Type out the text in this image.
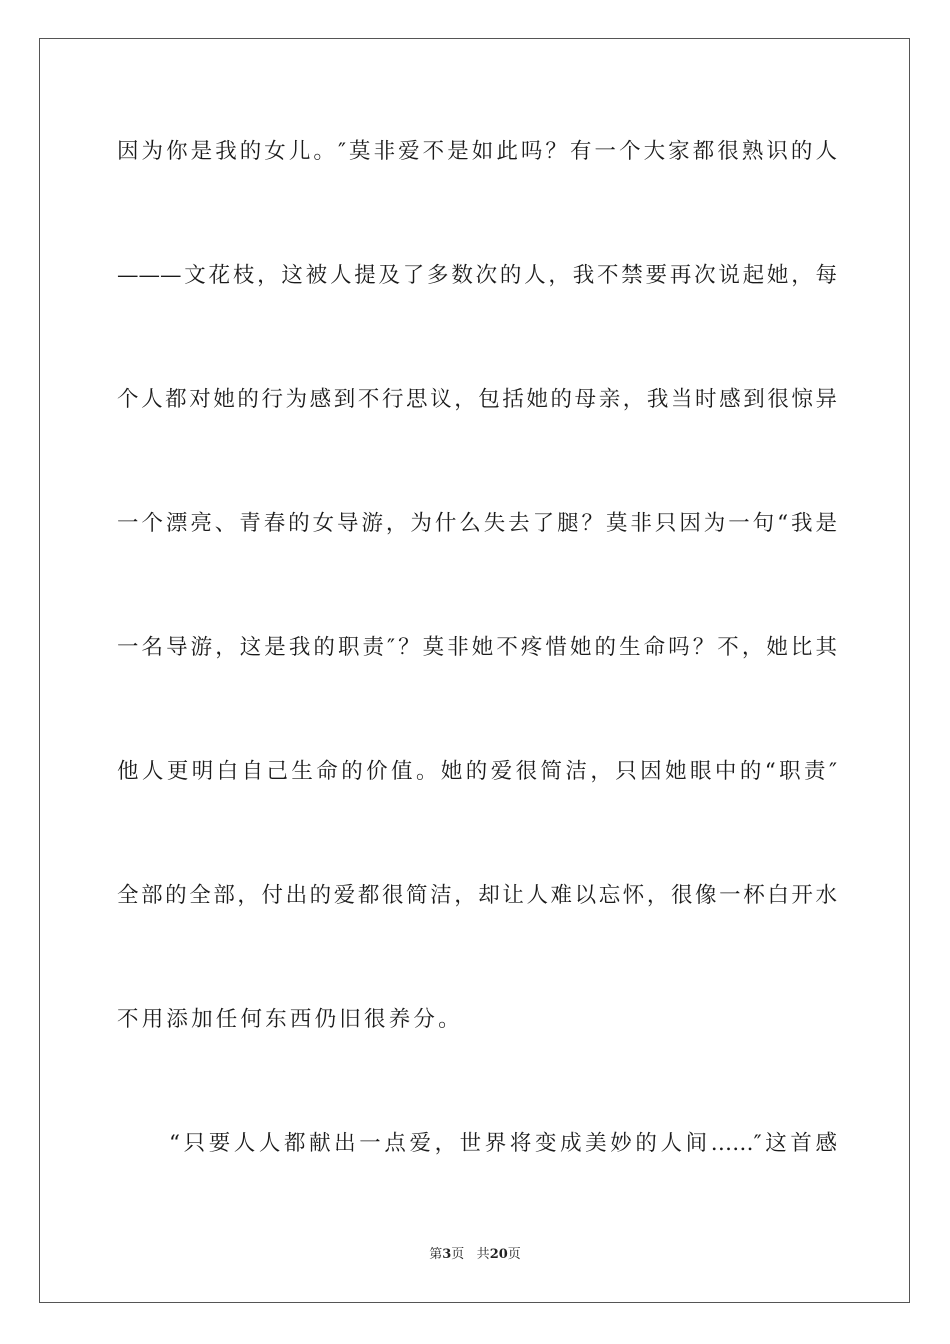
因为你是我的女儿。″莫非爱不是如此吗？有一个大家都很熟识的人
———文花枝，这被人提及了多数次的人，我不禁要再次说起她，每
个人都对她的行为感到不行思议，包括她的母亲，我当时感到很惊异
一个漂亮、青春的女导游，为什么失去了腿？莫非只因为一句“我是
一名导游，这是我的职责″？莫非她不疼惜她的生命吗？不，她比其
他人更明白自己生命的价值。她的爱很简洁，只因她眼中的“职责″
全部的全部，付出的爱都很简洁，却让人难以忘怀，很像一杯白开水
不用添加任何东西仍旧很养分。
“只要人人都献出一点爱，世界将变成美妙的人间……″这首感
第3页 共20页
